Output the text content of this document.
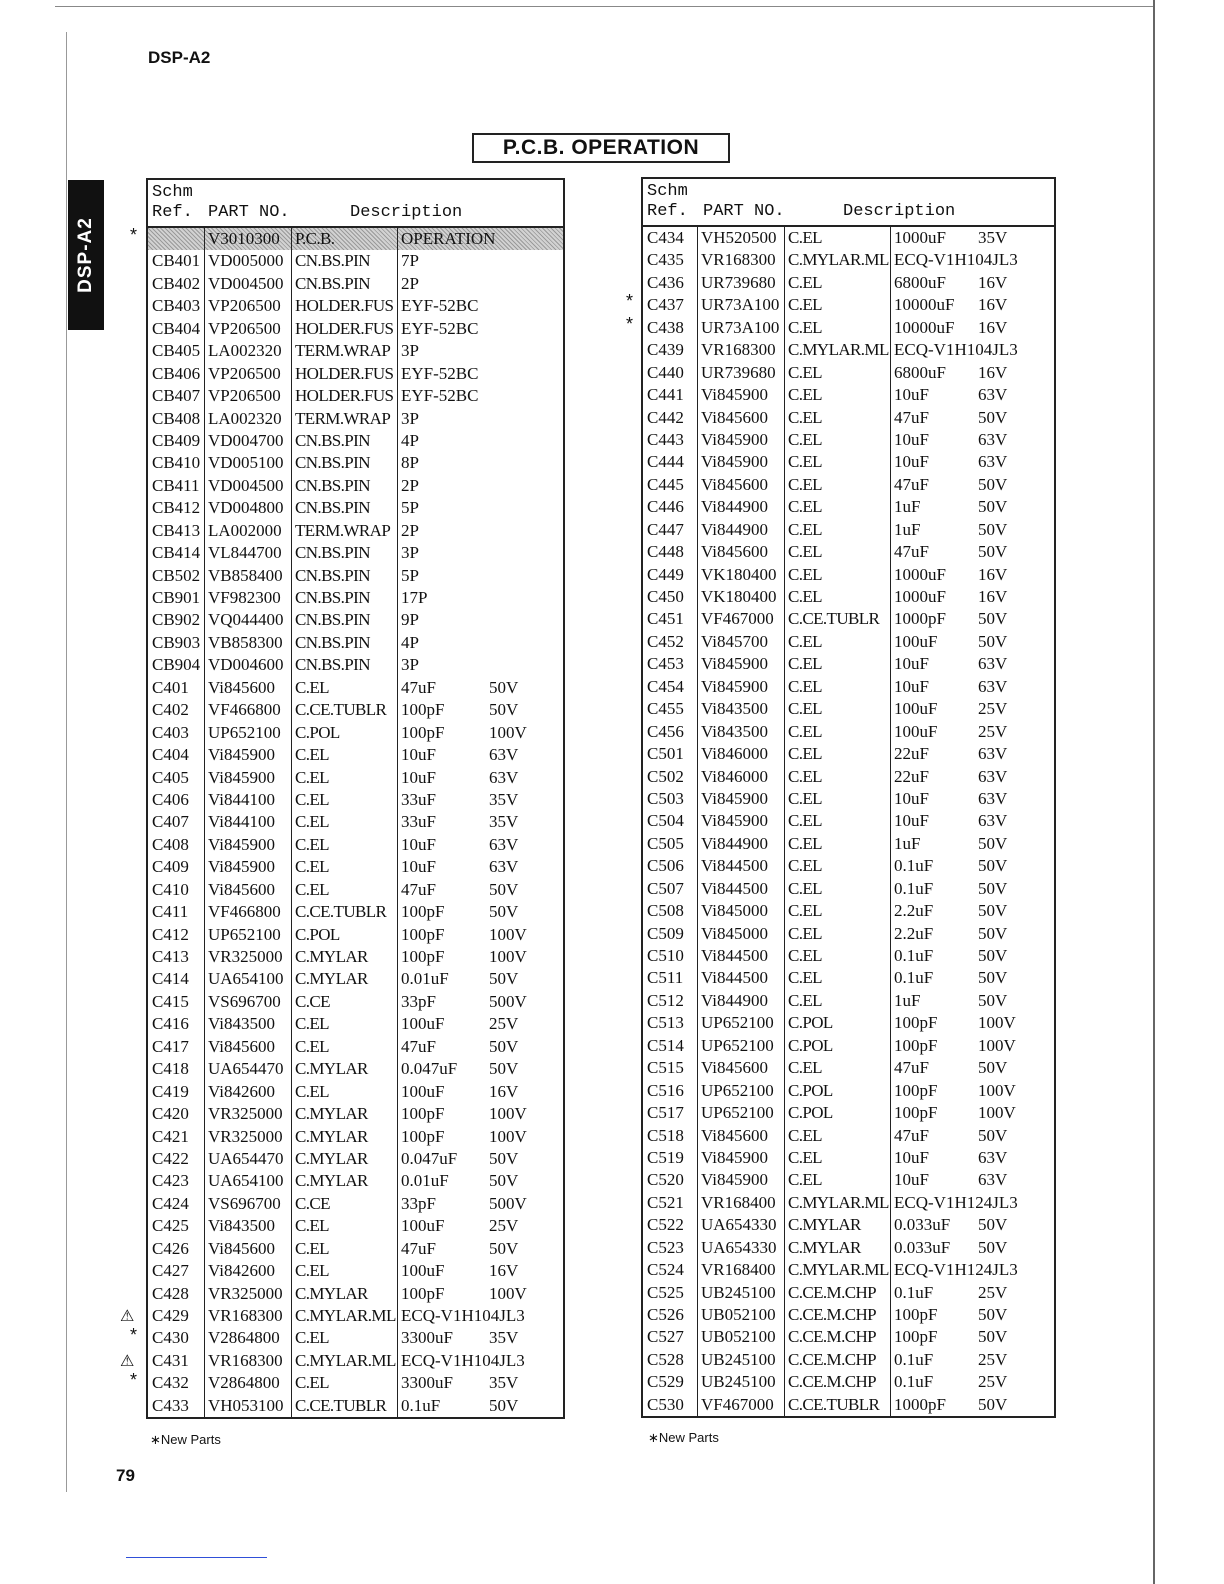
DSP-A2
DSP-A2
P.C.B. OPERATION
Schm
Ref. PART NO.	Description
V3010300 P.C.B.	OPERATION
CB401 VD005000 CN.BS.PIN	7P
CB402 VD004500 CN.BS.PIN	2P
CB403 VP206500 HOLDER.FUS EYF-52BC
CB404 VP206500 HOLDER.FUS EYF-52BC
CB405 LA002320 TERM.WRAP 3P
CB406 VP206500 HOLDER.FUS EYF-52BC
CB407 VP206500 HOLDER.FUS EYF-52BC
CB408 LA002320 TERM.WRAP 3P
CB409 VD004700 CN.BS.PIN	4P
CB410 VD005100 CN.BS.PIN	8P
CB411 VD004500 CN.BS.PIN	2P
CB412 VD004800 CN.BS.PIN	5P
CB413 LA002000 TERM.WRAP 2P
CB414 VL844700 CN.BS.PIN	3P
CB502 VB858400 CN.BS.PIN	5P
CB901 VF982300 CN.BS.PIN	17P
CB902 VQ044400 CN.BS.PIN	9P
CB903 VB858300 CN.BS.PIN	4P
CB904 VD004600 CN.BS.PIN	3P
C401	Vi845600	C.EL	47uF	50V
C402	VF466800 C.CE.TUBLR 100pF	50V
C403	UP652100 C.POL	100pF	100V
C404	Vi845900	C.EL	10uF	63V
C405	Vi845900	C.EL	10uF	63V
C406	Vi844100	C.EL	33uF	35V
C407	Vi844100	C.EL	33uF	35V
C408	Vi845900	C.EL	10uF	63V
C409	Vi845900	C.EL	10uF	63V
C410	Vi845600	C.EL	47uF	50V
C411	VF466800 C.CE.TUBLR 100pF	50V
C412	UP652100 C.POL	100pF	100V
C413	VR325000 C.MYLAR	100pF	100V
C414	UA654100 C.MYLAR	0.01uF	50V
C415	VS696700 C.CE	33pF	500V
C416	Vi843500	C.EL	100uF	25V
C417	Vi845600	C.EL	47uF	50V
C418	UA654470 C.MYLAR	0.047uF	50V
C419	Vi842600	C.EL	100uF	16V
C420	VR325000 C.MYLAR	100pF	100V
C421	VR325000 C.MYLAR	100pF	100V
C422	UA654470 C.MYLAR	0.047uF	50V
C423	UA654100 C.MYLAR	0.01uF	50V
C424	VS696700 C.CE	33pF	500V
C425	Vi843500	C.EL	100uF	25V
C426	Vi845600	C.EL	47uF	50V
C427	Vi842600	C.EL	100uF	16V
C428	VR325000 C.MYLAR	100pF	100V
C429	VR168300 C.MYLAR.ML ECQ-V1H104JL3
C430	V2864800 C.EL	3300uF	35V
C431	VR168300 C.MYLAR.ML ECQ-V1H104JL3
C432	V2864800 C.EL	3300uF	35V
C433	VH053100 C.CE.TUBLR 0.1uF	50V
Schm
Ref. PART NO.	Description
C434	VH520500 C.EL	1000uF	35V
C435	VR168300 C.MYLAR.ML ECQ-V1H104JL3
C436	UR739680 C.EL	6800uF	16V
C437	UR73A100 C.EL	10000uF	16V
C438	UR73A100 C.EL	10000uF	16V
C439	VR168300 C.MYLAR.ML ECQ-V1H104JL3
C440	UR739680 C.EL	6800uF	16V
C441	Vi845900	C.EL	10uF	63V
C442	Vi845600	C.EL	47uF	50V
C443	Vi845900	C.EL	10uF	63V
C444	Vi845900	C.EL	10uF	63V
C445	Vi845600	C.EL	47uF	50V
C446	Vi844900	C.EL	1uF	50V
C447	Vi844900	C.EL	1uF	50V
C448	Vi845600	C.EL	47uF	50V
C449	VK180400 C.EL	1000uF	16V
C450	VK180400 C.EL	1000uF	16V
C451	VF467000 C.CE.TUBLR 1000pF	50V
C452	Vi845700	C.EL	100uF	50V
C453	Vi845900	C.EL	10uF	63V
C454	Vi845900	C.EL	10uF	63V
C455	Vi843500	C.EL	100uF	25V
C456	Vi843500	C.EL	100uF	25V
C501	Vi846000	C.EL	22uF	63V
C502	Vi846000	C.EL	22uF	63V
C503	Vi845900	C.EL	10uF	63V
C504	Vi845900	C.EL	10uF	63V
C505	Vi844900	C.EL	1uF	50V
C506	Vi844500	C.EL	0.1uF	50V
C507	Vi844500	C.EL	0.1uF	50V
C508	Vi845000	C.EL	2.2uF	50V
C509	Vi845000	C.EL	2.2uF	50V
C510	Vi844500	C.EL	0.1uF	50V
C511	Vi844500	C.EL	0.1uF	50V
C512	Vi844900	C.EL	1uF	50V
C513	UP652100 C.POL	100pF	100V
C514	UP652100 C.POL	100pF	100V
C515	Vi845600	C.EL	47uF	50V
C516	UP652100 C.POL	100pF	100V
C517	UP652100 C.POL	100pF	100V
C518	Vi845600	C.EL	47uF	50V
C519	Vi845900	C.EL	10uF	63V
C520	Vi845900	C.EL	10uF	63V
C521	VR168400 C.MYLAR.ML ECQ-V1H124JL3
C522	UA654330 C.MYLAR	0.033uF	50V
C523	UA654330 C.MYLAR	0.033uF	50V
C524	VR168400 C.MYLAR.ML ECQ-V1H124JL3
C525	UB245100 C.CE.M.CHP	0.1uF	25V
C526	UB052100 C.CE.M.CHP	100pF	50V
C527	UB052100 C.CE.M.CHP	100pF	50V
C528	UB245100 C.CE.M.CHP	0.1uF	25V
C529	UB245100 C.CE.M.CHP	0.1uF	25V
C530	VF467000 C.CE.TUBLR 1000pF	50V
*
⚠
*
⚠
*
*
*
∗New Parts	∗New Parts
79
